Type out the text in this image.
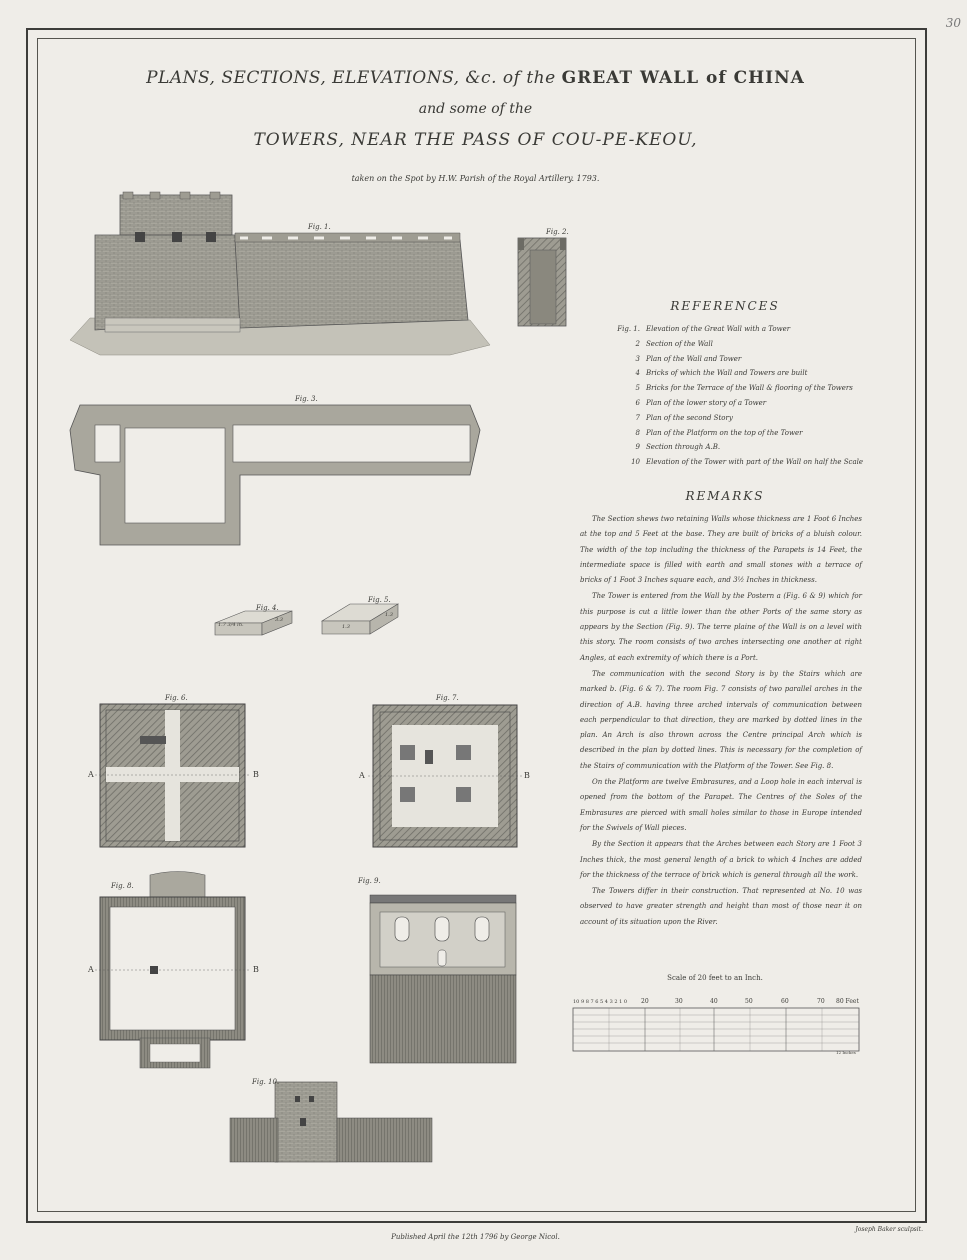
30
PLANS, SECTIONS, ELEVATIONS, &c. of the GREAT WALL of CHINA
and some of the
TOWERS, NEAR THE PASS OF COU-PE-KEOU,
taken on the Spot by H.W. Parish of the Royal Artillery. 1793.
10 9 8 7 6 5 4 3 2 1 0 20	30	40	50	60	70 80 Feet
12 Inches
Fig. 1.
Fig. 2.
Fig. 3.
Fig. 4.
Fig. 5.
Fig. 6.	Fig. 7.
Fig. 8.
Fig. 9.
Fig. 10.
1.7 3/4 in.
3.3
1.3
1.3
A	B	A	B
A	B
REFERENCES
Fig. 1. Elevation of the Great Wall with a Tower
2 Section of the Wall
3 Plan of the Wall and Tower
4 Bricks of which the Wall and Towers are built
5 Bricks for the Terrace of the Wall & flooring of the Towers
6 Plan of the lower story of a Tower
7 Plan of the second Story
8 Plan of the Platform on the top of the Tower
9 Section through A.B.
10 Elevation of the Tower with part of the Wall on half the Scale
REMARKS

The Section shews two retaining Walls whose thickness are 1 Foot 6 Inches at the top and 5 Feet at the base. They are built of bricks of a bluish colour. The width of the top including the thickness of the Parapets is 14 Feet, the intermediate space is filled with earth and small stones with a terrace of bricks of 1 Foot 3 Inches square each, and 3½ Inches in thickness.

The Tower is entered from the Wall by the Postern a (Fig. 6 & 9) which for this purpose is cut a little lower than the other Ports of the same story as appears by the Section (Fig. 9). The terre plaine of the Wall is on a level with this story. The room consists of two arches intersecting one another at right Angles, at each extremity of which there is a Port.

The communication with the second Story is by the Stairs which are marked b. (Fig. 6 & 7). The room Fig. 7 consists of two parallel arches in the direction of A.B. having three arched intervals of communication between each perpendicular to that direction, they are marked by dotted lines in the plan. An Arch is also thrown across the Centre principal Arch which is described in the plan by dotted lines. This is necessary for the completion of the Stairs of communication with the Platform of the Tower. See Fig. 8.

On the Platform are twelve Embrasures, and a Loop hole in each interval is opened from the bottom of the Parapet. The Centres of the Soles of the Embrasures are pierced with small holes similar to those in Europe intended for the Swivels of Wall pieces.

By the Section it appears that the Arches between each Story are 1 Foot 3 Inches thick, the most general length of a brick to which 4 Inches are added for the thickness of the terrace of brick which is general through all the work.

The Towers differ in their construction. That represented at No. 10 was observed to have greater strength and height than most of those near it on account of its situation upon the River.

Scale of 20 feet to an Inch.
Published April the 12th 1796 by George Nicol.
Joseph Baker sculpsit.
